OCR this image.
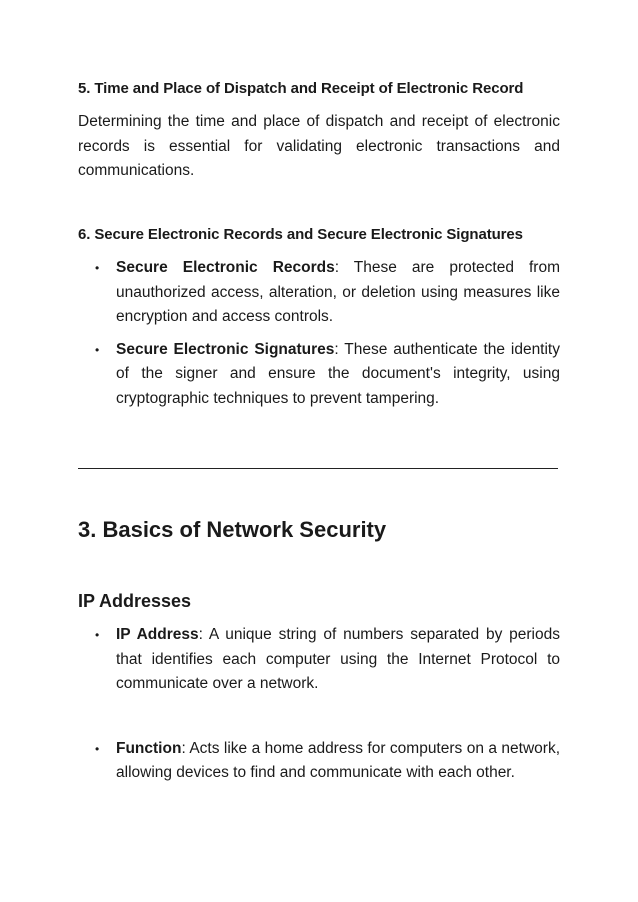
5. Time and Place of Dispatch and Receipt of Electronic Record

Determining the time and place of dispatch and receipt of electronic records is essential for validating electronic transactions and communications.

6. Secure Electronic Records and Secure Electronic Signatures
• Secure Electronic Records: These are protected from unauthorized access, alteration, or deletion using measures like encryption and access controls.
• Secure Electronic Signatures: These authenticate the identity of the signer and ensure the document's integrity, using cryptographic techniques to prevent tampering.
3. Basics of Network Security
IP Addresses
• IP Address: A unique string of numbers separated by periods that identifies each computer using the Internet Protocol to communicate over a network.
• Function: Acts like a home address for computers on a network, allowing devices to find and communicate with each other.
